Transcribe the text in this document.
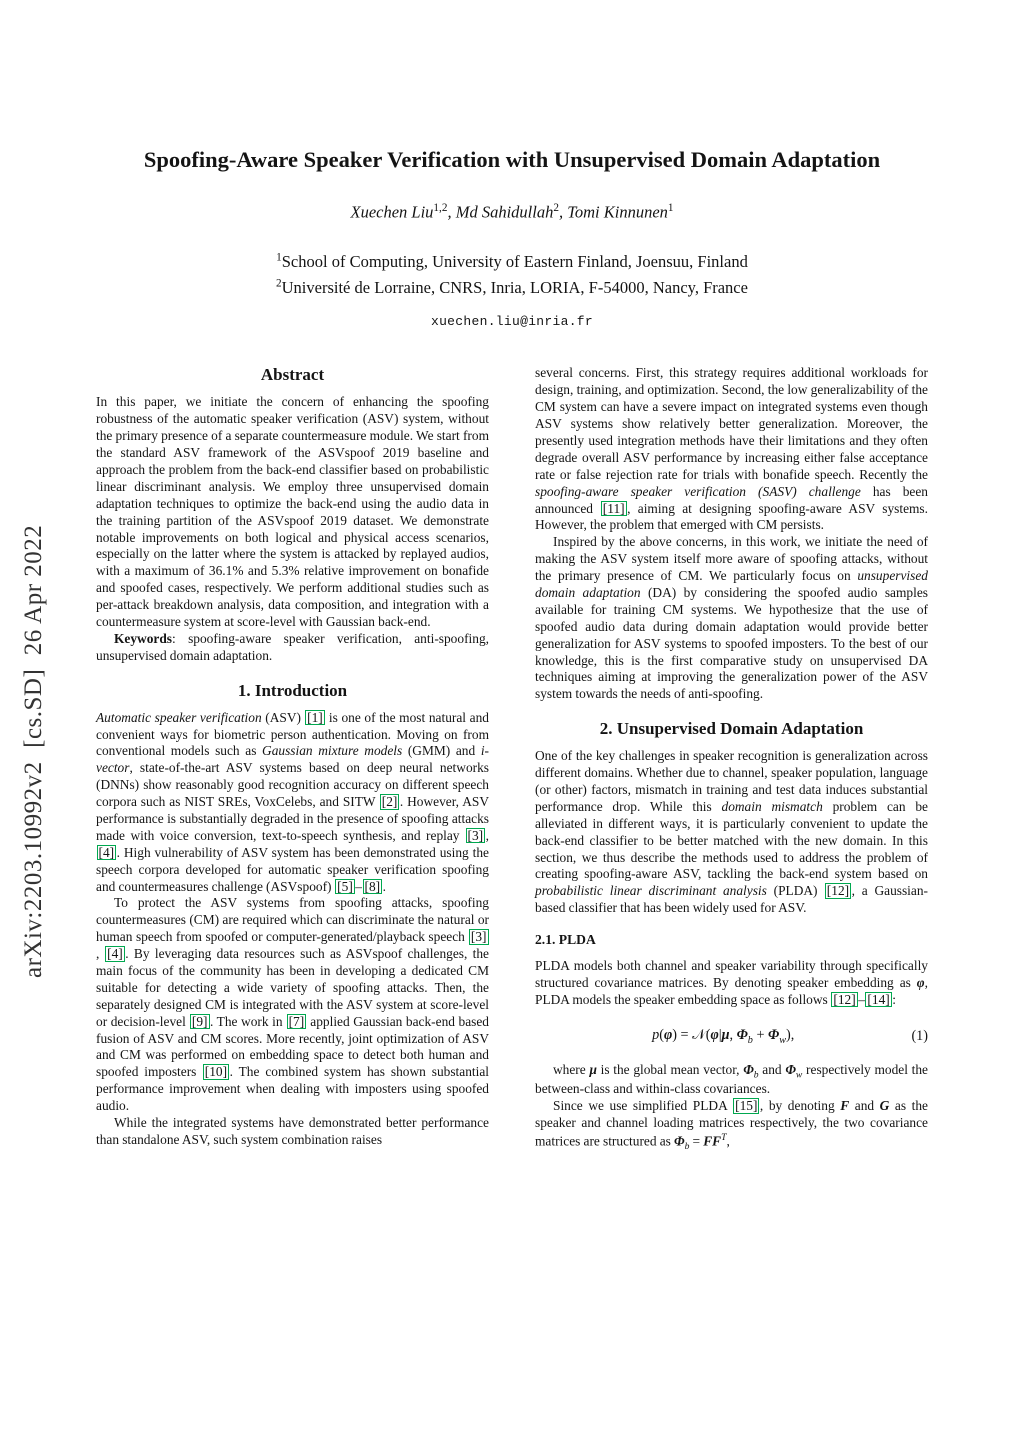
arXiv:2203.10992v2  [cs.SD]  26 Apr 2022
Spoofing-Aware Speaker Verification with Unsupervised Domain Adaptation
Xuechen Liu$^{1,2}$, Md Sahidullah$^2$, Tomi Kinnunen$^1$
$^1$School of Computing, University of Eastern Finland, Joensuu, Finland
$^2$Université de Lorraine, CNRS, Inria, LORIA, F-54000, Nancy, France
xuechen.liu@inria.fr
Abstract

In this paper, we initiate the concern of enhancing the spoofing robustness of the automatic speaker verification (ASV) system, without the primary presence of a separate countermeasure module. We start from the standard ASV framework of the ASVspoof 2019 baseline and approach the problem from the back-end classifier based on probabilistic linear discriminant analysis. We employ three unsupervised domain adaptation techniques to optimize the back-end using the audio data in the training partition of the ASVspoof 2019 dataset. We demonstrate notable improvements on both logical and physical access scenarios, especially on the latter where the system is attacked by replayed audios, with a maximum of 36.1% and 5.3% relative improvement on bonafide and spoofed cases, respectively. We perform additional studies such as per-attack breakdown analysis, data composition, and integration with a countermeasure system at score-level with Gaussian back-end.

Keywords: spoofing-aware speaker verification, anti-spoofing, unsupervised domain adaptation.

1. Introduction

Automatic speaker verification (ASV) [1] is one of the most natural and convenient ways for biometric person authentication. Moving on from conventional models such as Gaussian mixture models (GMM) and i-vector, state-of-the-art ASV systems based on deep neural networks (DNNs) show reasonably good recognition accuracy on different speech corpora such as NIST SREs, VoxCelebs, and SITW [2] . However, ASV performance is substantially degraded in the presence of spoofing attacks made with voice conversion, text-to-speech synthesis, and replay [3] , [4] . High vulnerability of ASV system has been demonstrated using the speech corpora developed for automatic speaker verification spoofing and countermeasures challenge (ASVspoof) [5] – [8] .

To protect the ASV systems from spoofing attacks, spoofing countermeasures (CM) are required which can discriminate the natural or human speech from spoofed or computer-generated/playback speech [3], [4] . By leveraging data resources such as ASVspoof challenges, the main focus of the community has been in developing a dedicated CM suitable for detecting a wide variety of spoofing attacks. Then, the separately designed CM is integrated with the ASV system at score-level or decision-level [9] . The work in [7] applied Gaussian back-end based fusion of ASV and CM scores. More recently, joint optimization of ASV and CM was performed on embedding space to detect both human and spoofed imposters [10] . The combined system has shown substantial performance improvement when dealing with imposters using spoofed audio.

While the integrated systems have demonstrated better performance than standalone ASV, such system combination raises

several concerns. First, this strategy requires additional workloads for design, training, and optimization. Second, the low generalizability of the CM system can have a severe impact on integrated systems even though ASV systems show relatively better generalization. Moreover, the presently used integration methods have their limitations and they often degrade overall ASV performance by increasing either false acceptance rate or false rejection rate for trials with bonafide speech. Recently the spoofing-aware speaker verification (SASV) challenge has been announced [11] , aiming at designing spoofing-aware ASV systems. However, the problem that emerged with CM persists.

Inspired by the above concerns, in this work, we initiate the need of making the ASV system itself more aware of spoofing attacks, without the primary presence of CM. We particularly focus on unsupervised domain adaptation (DA) by considering the spoofed audio samples available for training CM systems. We hypothesize that the use of spoofed audio data during domain adaptation would provide better generalization for ASV systems to spoofed imposters. To the best of our knowledge, this is the first comparative study on unsupervised DA techniques aiming at improving the generalization power of the ASV system towards the needs of anti-spoofing.

2. Unsupervised Domain Adaptation

One of the key challenges in speaker recognition is generalization across different domains. Whether due to channel, speaker population, language (or other) factors, mismatch in training and test data induces substantial performance drop. While this domain mismatch problem can be alleviated in different ways, it is particularly convenient to update the back-end classifier to be better matched with the new domain. In this section, we thus describe the methods used to address the problem of creating spoofing-aware ASV, tackling the back-end system based on probabilistic linear discriminant analysis (PLDA) [12] , a Gaussian-based classifier that has been widely used for ASV.

2.1. PLDA

PLDA models both channel and speaker variability through specifically structured covariance matrices. By denoting speaker embedding as φ, PLDA models the speaker embedding space as follows [12] – [14] :

p(φ) = 𝒩(φ|μ, $\Phi_b + \Phi_w$),	(1)

where μ is the global mean vector, $\Phi_b$ and $\Phi_w$ respectively model the between-class and within-class covariances.

Since we use simplified PLDA [15] , by denoting F and G as the speaker and channel loading matrices respectively, the two covariance matrices are structured as $\Phi_b = FF^T$,
